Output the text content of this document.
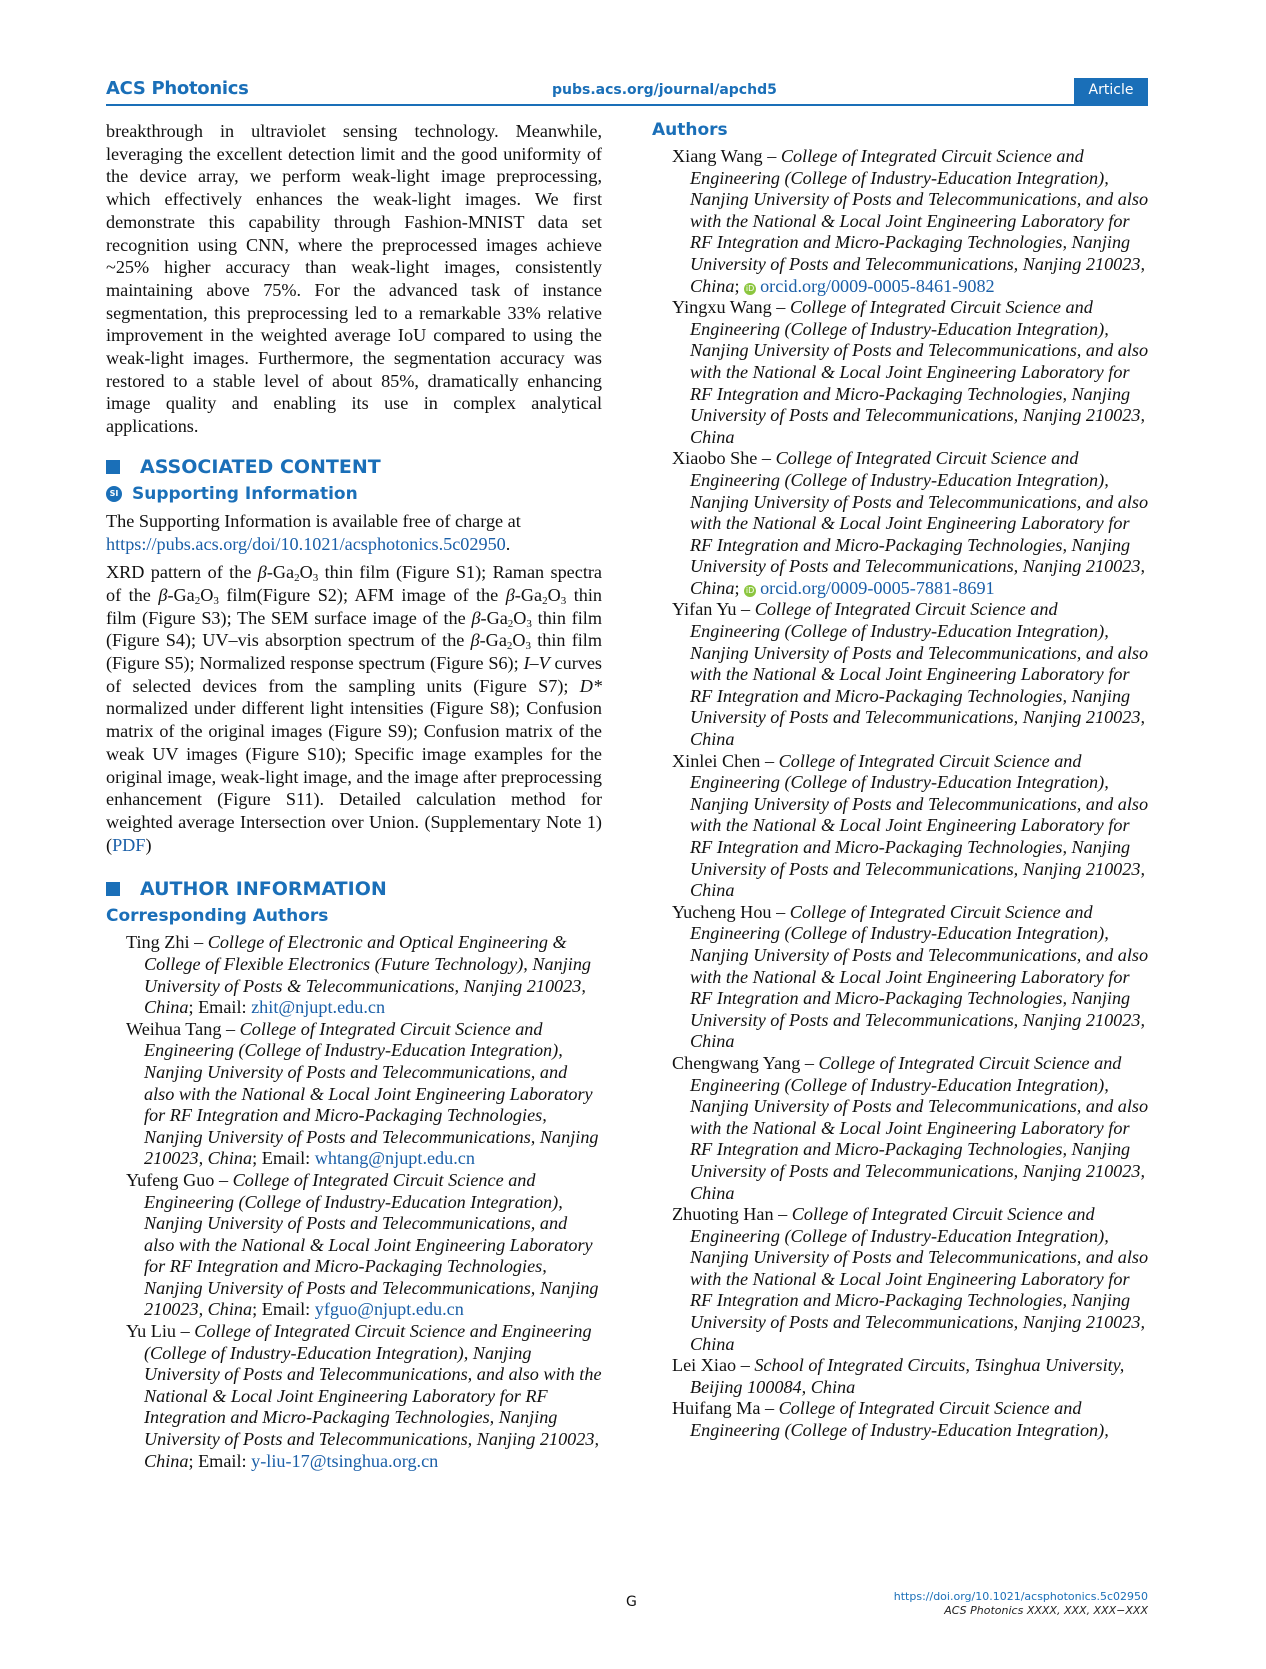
ACS Photonics	pubs.acs.org/journal/apchd5	Article

breakthrough in ultraviolet sensing technology. Meanwhile, leveraging the excellent detection limit and the good uniformity of the device array, we perform weak-light image preprocessing, which effectively enhances the weak-light images. We first demonstrate this capability through Fashion-MNIST data set recognition using CNN, where the preprocessed images achieve ~25% higher accuracy than weak-light images, consistently maintaining above 75%. For the advanced task of instance segmentation, this preprocessing led to a remarkable 33% relative improvement in the weighted average IoU compared to using the weak-light images. Furthermore, the segmentation accuracy was restored to a stable level of about 85%, dramatically enhancing image quality and enabling its use in complex analytical applications.

ASSOCIATED CONTENT
SI Supporting Information

The Supporting Information is available free of charge at https://pubs.acs.org/doi/10.1021/acsphotonics.5c02950.

XRD pattern of the $\beta-Ga_2O_3$ thin film (Figure S1); Raman spectra of the $\beta-Ga_2O_3$ film(Figure S2); AFM image of the $\beta-Ga_2O_3$ thin film (Figure S3); The SEM surface image of the $\beta-Ga_2O_3$ thin film (Figure S4); UV–vis absorption spectrum of the $\beta-Ga_2O_3$ thin film (Figure S5); Normalized response spectrum (Figure S6); I–V curves of selected devices from the sampling units (Figure S7); D* normalized under different light intensities (Figure S8); Confusion matrix of the original images (Figure S9); Confusion matrix of the weak UV images (Figure S10); Specific image examples for the original image, weak-light image, and the image after preprocessing enhancement (Figure S11). Detailed calculation method for weighted average Intersection over Union. (Supplementary Note 1) (PDF)

AUTHOR INFORMATION
Corresponding Authors

Ting Zhi – College of Electronic and Optical Engineering & College of Flexible Electronics (Future Technology), Nanjing University of Posts & Telecommunications, Nanjing 210023, China; Email: zhit@njupt.edu.cn

Weihua Tang – College of Integrated Circuit Science and Engineering (College of Industry-Education Integration), Nanjing University of Posts and Telecommunications, and also with the National & Local Joint Engineering Laboratory for RF Integration and Micro-Packaging Technologies, Nanjing University of Posts and Telecommunications, Nanjing 210023, China; Email: whtang@njupt.edu.cn

Yufeng Guo – College of Integrated Circuit Science and Engineering (College of Industry-Education Integration), Nanjing University of Posts and Telecommunications, and also with the National & Local Joint Engineering Laboratory for RF Integration and Micro-Packaging Technologies, Nanjing University of Posts and Telecommunications, Nanjing 210023, China; Email: yfguo@njupt.edu.cn

Yu Liu – College of Integrated Circuit Science and Engineering (College of Industry-Education Integration), Nanjing University of Posts and Telecommunications, and also with the National & Local Joint Engineering Laboratory for RF Integration and Micro-Packaging Technologies, Nanjing University of Posts and Telecommunications, Nanjing 210023, China; Email: y-liu-17@tsinghua.org.cn

Authors

Xiang Wang – College of Integrated Circuit Science and Engineering (College of Industry-Education Integration), Nanjing University of Posts and Telecommunications, and also with the National & Local Joint Engineering Laboratory for RF Integration and Micro-Packaging Technologies, Nanjing University of Posts and Telecommunications, Nanjing 210023, China; iD orcid.org/0009-0005-8461-9082

Yingxu Wang – College of Integrated Circuit Science and Engineering (College of Industry-Education Integration), Nanjing University of Posts and Telecommunications, and also with the National & Local Joint Engineering Laboratory for RF Integration and Micro-Packaging Technologies, Nanjing University of Posts and Telecommunications, Nanjing 210023, China

Xiaobo She – College of Integrated Circuit Science and Engineering (College of Industry-Education Integration), Nanjing University of Posts and Telecommunications, and also with the National & Local Joint Engineering Laboratory for RF Integration and Micro-Packaging Technologies, Nanjing University of Posts and Telecommunications, Nanjing 210023, China; iD orcid.org/0009-0005-7881-8691

Yifan Yu – College of Integrated Circuit Science and Engineering (College of Industry-Education Integration), Nanjing University of Posts and Telecommunications, and also with the National & Local Joint Engineering Laboratory for RF Integration and Micro-Packaging Technologies, Nanjing University of Posts and Telecommunications, Nanjing 210023, China

Xinlei Chen – College of Integrated Circuit Science and Engineering (College of Industry-Education Integration), Nanjing University of Posts and Telecommunications, and also with the National & Local Joint Engineering Laboratory for RF Integration and Micro-Packaging Technologies, Nanjing University of Posts and Telecommunications, Nanjing 210023, China

Yucheng Hou – College of Integrated Circuit Science and Engineering (College of Industry-Education Integration), Nanjing University of Posts and Telecommunications, and also with the National & Local Joint Engineering Laboratory for RF Integration and Micro-Packaging Technologies, Nanjing University of Posts and Telecommunications, Nanjing 210023, China

Chengwang Yang – College of Integrated Circuit Science and Engineering (College of Industry-Education Integration), Nanjing University of Posts and Telecommunications, and also with the National & Local Joint Engineering Laboratory for RF Integration and Micro-Packaging Technologies, Nanjing University of Posts and Telecommunications, Nanjing 210023, China

Zhuoting Han – College of Integrated Circuit Science and Engineering (College of Industry-Education Integration), Nanjing University of Posts and Telecommunications, and also with the National & Local Joint Engineering Laboratory for RF Integration and Micro-Packaging Technologies, Nanjing University of Posts and Telecommunications, Nanjing 210023, China

Lei Xiao – School of Integrated Circuits, Tsinghua University, Beijing 100084, China

Huifang Ma – College of Integrated Circuit Science and Engineering (College of Industry-Education Integration),

G	https://doi.org/10.1021/acsphotonics.5c02950
ACS Photonics XXXX, XXX, XXX−XXX
